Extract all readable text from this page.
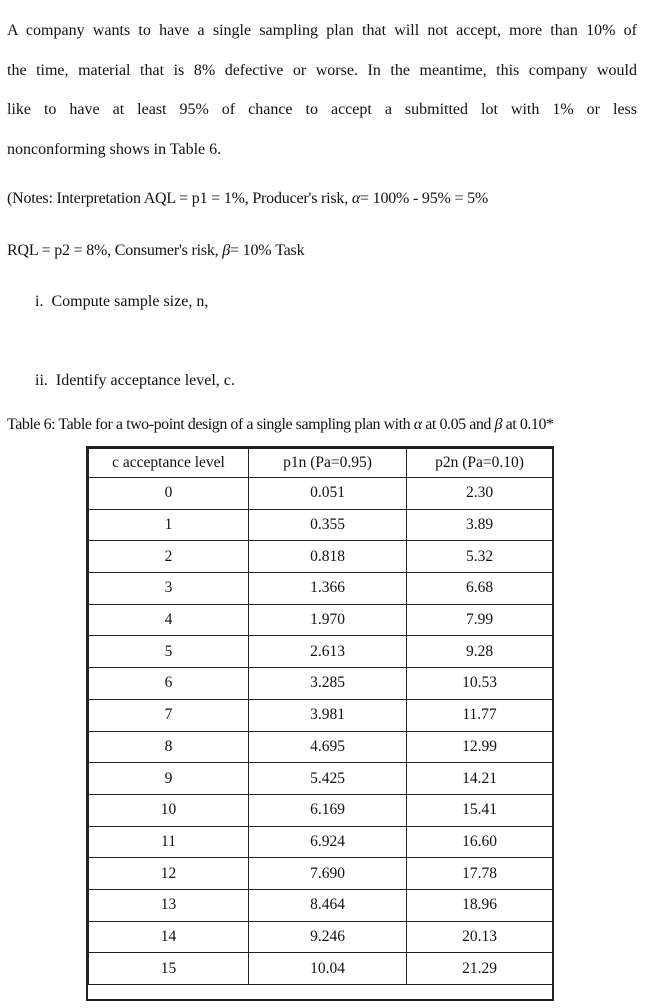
A company wants to have a single sampling plan that will not accept, more than 10% of
the time, material that is 8% defective or worse. In the meantime, this company would
like to have at least 95% of chance to accept a submitted lot with 1% or less
nonconforming shows in Table 6.
(Notes: Interpretation AQL = p1 = 1%, Producer's risk, α= 100% - 95% = 5%
RQL = p2 = 8%, Consumer's risk, β= 10% Task
i. Compute sample size, n,
ii. Identify acceptance level, c.
Table 6: Table for a two-point design of a single sampling plan with α at 0.05 and β at 0.10*
c acceptance level	p1n (Pa=0.95)	p2n (Pa=0.10)
0	0.051	2.30
1	0.355	3.89
2	0.818	5.32
3	1.366	6.68
4	1.970	7.99
5	2.613	9.28
6	3.285	10.53
7	3.981	11.77
8	4.695	12.99
9	5.425	14.21
10	6.169	15.41
11	6.924	16.60
12	7.690	17.78
13	8.464	18.96
14	9.246	20.13
15	10.04	21.29
